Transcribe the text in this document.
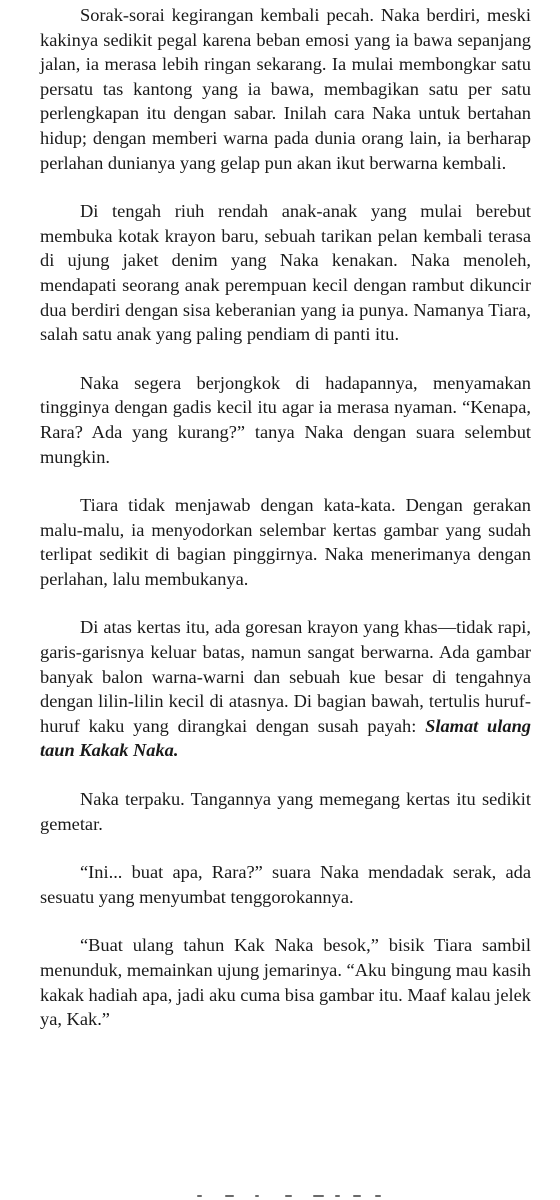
Sorak-sorai kegirangan kembali pecah. Naka berdiri, meski kakinya sedikit pegal karena beban emosi yang ia bawa sepanjang jalan, ia merasa lebih ringan sekarang. Ia mulai membongkar satu persatu tas kantong yang ia bawa, membagikan satu per satu perlengkapan itu dengan sabar. Inilah cara Naka untuk bertahan hidup; dengan memberi warna pada dunia orang lain, ia berharap perlahan dunianya yang gelap pun akan ikut berwarna kembali.

Di tengah riuh rendah anak-anak yang mulai berebut membuka kotak krayon baru, sebuah tarikan pelan kembali terasa di ujung jaket denim yang Naka kenakan. Naka menoleh, mendapati seorang anak perempuan kecil dengan rambut dikuncir dua berdiri dengan sisa keberanian yang ia punya. Namanya Tiara, salah satu anak yang paling pendiam di panti itu.

Naka segera berjongkok di hadapannya, menyamakan tingginya dengan gadis kecil itu agar ia merasa nyaman. “Kenapa, Rara? Ada yang kurang?” tanya Naka dengan suara selembut mungkin.

Tiara tidak menjawab dengan kata-kata. Dengan gerakan malu-malu, ia menyodorkan selembar kertas gambar yang sudah terlipat sedikit di bagian pinggirnya. Naka menerimanya dengan perlahan, lalu membukanya.

Di atas kertas itu, ada goresan krayon yang khas—tidak rapi, garis-garisnya keluar batas, namun sangat berwarna. Ada gambar banyak balon warna-warni dan sebuah kue besar di tengahnya dengan lilin-lilin kecil di atasnya. Di bagian bawah, tertulis huruf-huruf kaku yang dirangkai dengan susah payah: Slamat ulang taun Kakak Naka.

Naka terpaku. Tangannya yang memegang kertas itu sedikit gemetar.

“Ini... buat apa, Rara?” suara Naka mendadak serak, ada sesuatu yang menyumbat tenggorokannya.

“Buat ulang tahun Kak Naka besok,” bisik Tiara sambil menunduk, memainkan ujung jemarinya. “Aku bingung mau kasih kakak hadiah apa, jadi aku cuma bisa gambar itu. Maaf kalau jelek ya, Kak.”
